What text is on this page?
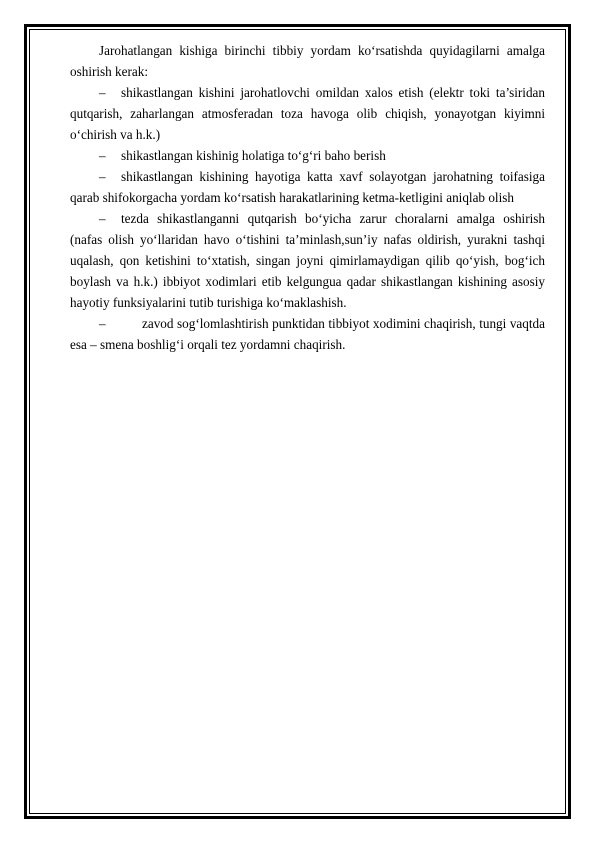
Jarohatlangan kishiga birinchi tibbiy yordam ko‘rsatishda quyidagilarni amalga oshirish kerak:

– shikastlangan kishini jarohatlovchi omildan xalos etish (elektr toki ta’siridan qutqarish, zaharlangan atmosferadan toza havoga olib chiqish, yonayotgan kiyimni o‘chirish va h.k.)

– shikastlangan kishinig holatiga to‘g‘ri baho berish

– shikastlangan kishining hayotiga katta xavf solayotgan jarohatning toifasiga qarab shifokorgacha yordam ko‘rsatish harakatlarining ketma-ketligini aniqlab olish

– tezda shikastlanganni qutqarish bo‘yicha zarur choralarni amalga oshirish (nafas olish yo‘llaridan havo o‘tishini ta’minlash,sun’iy nafas oldirish, yurakni tashqi uqalash, qon ketishini to‘xtatish, singan joyni qimirlamaydigan qilib qo‘yish, bog‘ich boylash va h.k.) ibbiyot xodimlari etib kelgungua qadar shikastlangan kishining asosiy hayotiy funksiyalarini tutib turishiga ko‘maklashish.

–	zavod sog‘lomlashtirish punktidan tibbiyot xodimini chaqirish, tungi vaqtda esa – smena boshlig‘i orqali tez yordamni chaqirish.
